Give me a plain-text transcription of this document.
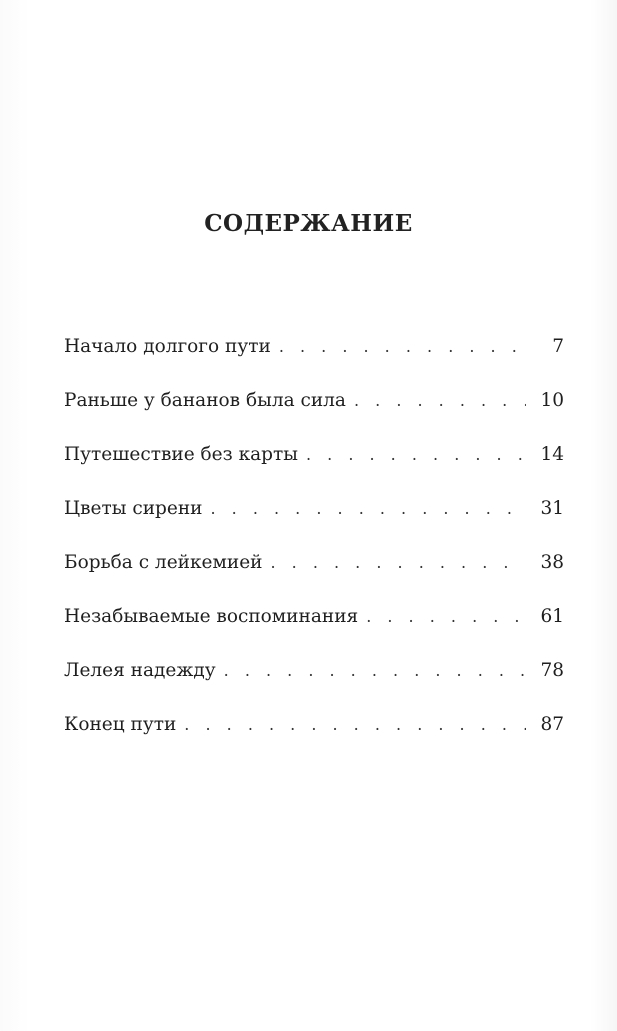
СОДЕРЖАНИЕ
Начало долгого пути . . .	7
Раньше у бананов была сила . . .	10
Путешествие без карты . . .	14
Цветы сирени . . .	31
Борьба с лейкемией . . .	38
Незабываемые воспоминания . . .	61
Лелея надежду . . .	78
Конец пути . . .	87
